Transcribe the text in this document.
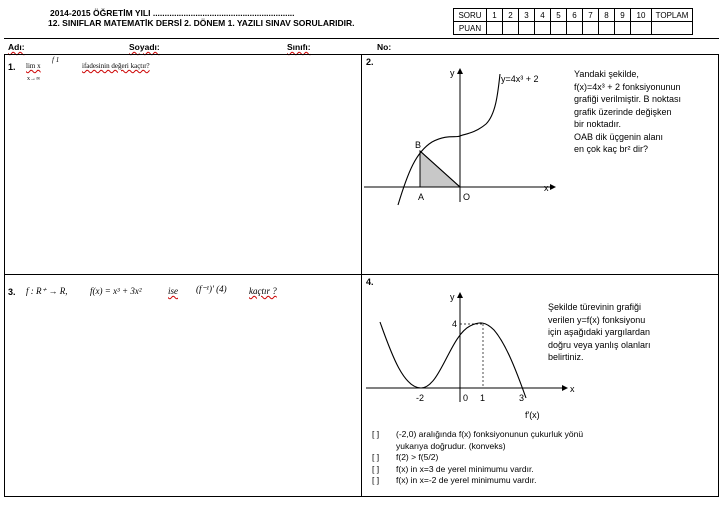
2014-2015 ÖĞRETİM YILI ............................................................
12. SINIFLAR MATEMATİK DERSİ 2. DÖNEM 1. YAZILI SINAV SORULARIDIR.
SORU	1	2	3	4	5	6	7	8	9	10	TOPLAM
PUAN											
Adı:	Soyadı:	Sınıfı:	No:
1. lim x
f 1
ifadesinin değeri kaçtır?
x→∞
2.
y
x
y=4x³ + 2
B
A	O
Yandaki şekilde,
f(x)=4x³ + 2 fonksiyonunun
grafiği verilmiştir. B noktası
grafik üzerinde değişken
bir noktadır.
OAB dik üçgenin alanı
en çok kaç br² dir?
3. f : R⁺ → R,	f(x) = x³ + 3x²	ise (f⁻¹)′ (4) kaçtır ?
4.
y
x
4
-2	0 1	3
f′(x)
Şekilde türevinin grafiği
verilen y=f(x) fonksiyonu
için aşağıdaki yargılardan
doğru veya yanlış olanları
belirtiniz.
[ ] (-2,0) aralığında f(x) fonksiyonunun çukurluk yönü
yukarıya doğrudur. (konveks)
[ ] f(2) > f(5/2)
[ ] f(x) in x=3 de yerel minimumu vardır.
[ ] f(x) in x=-2 de yerel minimumu vardır.
